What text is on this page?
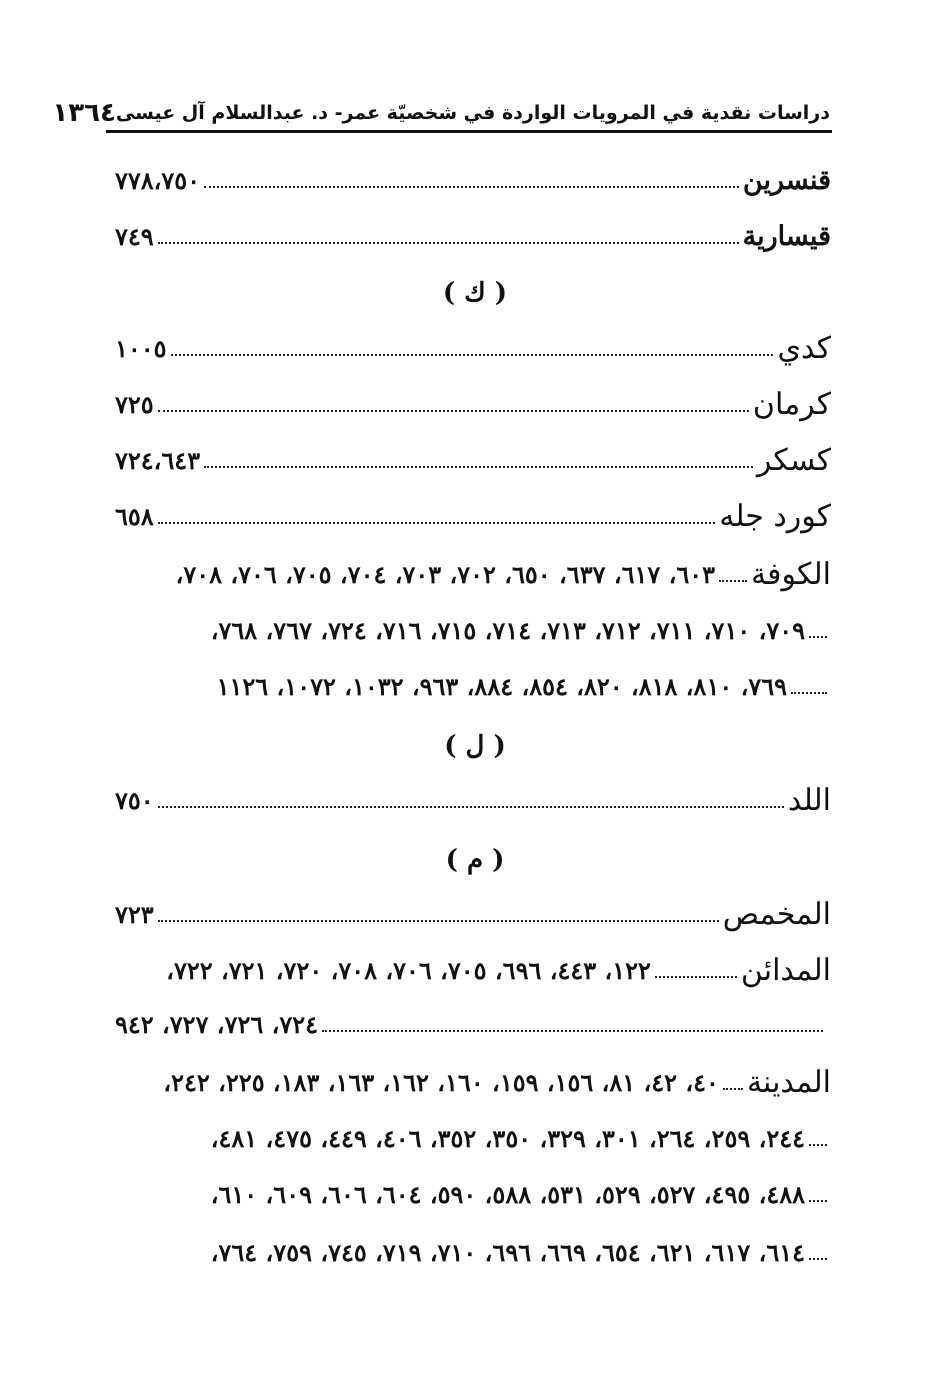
دراسات نقدية في المرويات الواردة في شخصيّة عمر- د. عبدالسلام آل عيسى
١٣٦٤
قنسرين
٧٧٨،٧٥٠
قيسارية
٧٤٩
( ك )
كدي
١٠٠٥
كرمان
٧٢٥
كسكر
٧٢٤،٦٤٣
كورد جله
٦٥٨
الكوفة
٦٠٣، ٦١٧، ٦٣٧، ٦٥٠، ٧٠٢، ٧٠٣، ٧٠٤، ٧٠٥، ٧٠٦، ٧٠٨،
٧٠٩، ٧١٠، ٧١١، ٧١٢، ٧١٣، ٧١٤، ٧١٥، ٧١٦، ٧٢٤، ٧٦٧، ٧٦٨،
٧٦٩، ٨١٠، ٨١٨، ٨٢٠، ٨٥٤، ٨٨٤، ٩٦٣، ١٠٣٢، ١٠٧٢، ١١٢٦
( ل )
اللد
٧٥٠
( م )
المخمص
٧٢٣
المدائن
١٢٢، ٤٤٣، ٦٩٦، ٧٠٥، ٧٠٦، ٧٠٨، ٧٢٠، ٧٢١، ٧٢٢،
٧٢٤، ٧٢٦، ٧٢٧، ٩٤٢
المدينة
٤٠، ٤٢، ٨١، ١٥٦، ١٥٩، ١٦٠، ١٦٢، ١٦٣، ١٨٣، ٢٢٥، ٢٤٢،
٢٤٤، ٢٥٩، ٢٦٤، ٣٠١، ٣٢٩، ٣٥٠، ٣٥٢، ٤٠٦، ٤٤٩، ٤٧٥، ٤٨١،
٤٨٨، ٤٩٥، ٥٢٧، ٥٢٩، ٥٣١، ٥٨٨، ٥٩٠، ٦٠٤، ٦٠٦، ٦٠٩، ٦١٠،
٦١٤، ٦١٧، ٦٢١، ٦٥٤، ٦٦٩، ٦٩٦، ٧١٠، ٧١٩، ٧٤٥، ٧٥٩، ٧٦٤،
